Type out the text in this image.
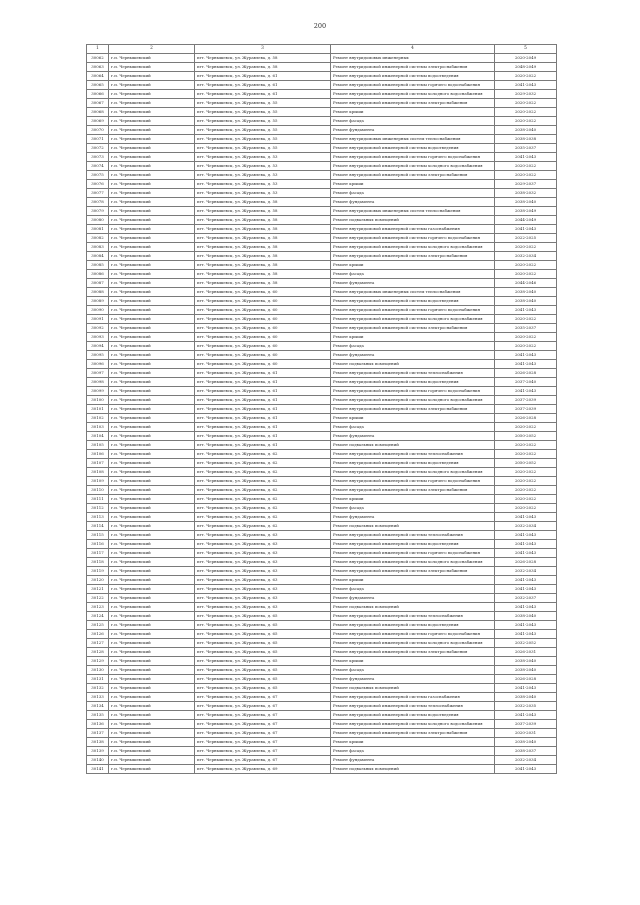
200
1	2	3	4	5
30062	г.п. Чернышевский	пгт. Чернышевск, ул. Журавлева, д. 58	Ремонт внутридомовых инженерных	2020-2049
30063	г.п. Чернышевский	пгт. Чернышевск, ул. Журавлева, д. 58	Ремонт внутридомовой инженерной системы электроснабжения	2048-2049
30064	г.п. Чернышевский	пгт. Чернышевск, ул. Журавлева, д. 61	Ремонт внутридомовой инженерной системы водоотведения	2020-2022
30065	г.п. Чернышевский	пгт. Чернышевск, ул. Журавлева, д. 61	Ремонт внутридомовой инженерной системы горячего водоснабжения	2041-2043
30066	г.п. Чернышевский	пгт. Чернышевск, ул. Журавлева, д. 61	Ремонт внутридомовой инженерной системы холодного водоснабжения	2029-2032
30067	г.п. Чернышевский	пгт. Чернышевск, ул. Журавлева, д. 55	Ремонт внутридомовой инженерной системы электроснабжения	2020-2022
30068	г.п. Чернышевский	пгт. Чернышевск, ул. Журавлева, д. 55	Ремонт крыши	2020-2022
30069	г.п. Чернышевский	пгт. Чернышевск, ул. Журавлева, д. 55	Ремонт фасада	2020-2022
30070	г.п. Чернышевский	пгт. Чернышевск, ул. Журавлева, д. 55	Ремонт фундамента	2038-2040
30071	г.п. Чернышевский	пгт. Чернышевск, ул. Журавлева, д. 55	Ремонт внутридомовых инженерных систем теплоснабжения	2038-2038
30072	г.п. Чернышевский	пгт. Чернышевск, ул. Журавлева, д. 55	Ремонт внутридомовой инженерной системы водоотведения	2035-2037
30073	г.п. Чернышевский	пгт. Чернышевск, ул. Журавлева, д. 53	Ремонт внутридомовой инженерной системы горячего водоснабжения	2041-2043
30074	г.п. Чернышевский	пгт. Чернышевск, ул. Журавлева, д. 53	Ремонт внутридомовой инженерной системы холодного водоснабжения	2020-2022
30075	г.п. Чернышевский	пгт. Чернышевск, ул. Журавлева, д. 53	Ремонт внутридомовой инженерной системы электроснабжения	2020-2022
30076	г.п. Чернышевский	пгт. Чернышевск, ул. Журавлева, д. 53	Ремонт крыши	2029-2037
30077	г.п. Чернышевский	пгт. Чернышевск, ул. Журавлева, д. 53	Ремонт фасада	2038-2032
30078	г.п. Чернышевский	пгт. Чернышевск, ул. Журавлева, д. 58	Ремонт фундамента	2038-2040
30079	г.п. Чернышевский	пгт. Чернышевск, ул. Журавлева, д. 58	Ремонт внутридомовых инженерных систем теплоснабжения	2038-2049
30080	г.п. Чернышевский	пгт. Чернышевск, ул. Журавлева, д. 58	Ремонт подвальных помещений	2044-2049
30081	г.п. Чернышевский	пгт. Чернышевск, ул. Журавлева, д. 58	Ремонт внутридомовой инженерной системы газоснабжения	2041-2043
30082	г.п. Чернышевский	пгт. Чернышевск, ул. Журавлева, д. 58	Ремонт внутридомовой инженерной системы горячего водоснабжения	2022-2025
30083	г.п. Чернышевский	пгт. Чернышевск, ул. Журавлева, д. 58	Ремонт внутридомовой инженерной системы холодного водоснабжения	2020-2022
30084	г.п. Чернышевский	пгт. Чернышевск, ул. Журавлева, д. 58	Ремонт внутридомовой инженерной системы электроснабжения	2032-2034
30085	г.п. Чернышевский	пгт. Чернышевск, ул. Журавлева, д. 58	Ремонт крыши	2020-2022
30086	г.п. Чернышевский	пгт. Чернышевск, ул. Журавлева, д. 58	Ремонт фасада	2020-2022
30087	г.п. Чернышевский	пгт. Чернышевск, ул. Журавлева, д. 58	Ремонт фундамента	2044-2046
30088	г.п. Чернышевский	пгт. Чернышевск, ул. Журавлева, д. 60	Ремонт внутридомовых инженерных систем теплоснабжения	2038-2040
30089	г.п. Чернышевский	пгт. Чернышевск, ул. Журавлева, д. 60	Ремонт внутридомовой инженерной системы водоотведения	2038-2040
30090	г.п. Чернышевский	пгт. Чернышевск, ул. Журавлева, д. 60	Ремонт внутридомовой инженерной системы горячего водоснабжения	2041-2043
30091	г.п. Чернышевский	пгт. Чернышевск, ул. Журавлева, д. 60	Ремонт внутридомовой инженерной системы холодного водоснабжения	2020-2022
30092	г.п. Чернышевский	пгт. Чернышевск, ул. Журавлева, д. 60	Ремонт внутридомовой инженерной системы электроснабжения	2035-2037
30093	г.п. Чернышевский	пгт. Чернышевск, ул. Журавлева, д. 60	Ремонт крыши	2020-2022
30094	г.п. Чернышевский	пгт. Чернышевск, ул. Журавлева, д. 60	Ремонт фасада	2020-2022
30095	г.п. Чернышевский	пгт. Чернышевск, ул. Журавлева, д. 60	Ремонт фундамента	2041-2043
30096	г.п. Чернышевский	пгт. Чернышевск, ул. Журавлева, д. 60	Ремонт подвальных помещений	2041-2043
30097	г.п. Чернышевский	пгт. Чернышевск, ул. Журавлева, д. 61	Ремонт внутридомовой инженерной системы теплоснабжения	2026-2028
30098	г.п. Чернышевский	пгт. Чернышевск, ул. Журавлева, д. 61	Ремонт внутридомовой инженерной системы водоотведения	2037-2040
30099	г.п. Чернышевский	пгт. Чернышевск, ул. Журавлева, д. 61	Ремонт внутридомовой инженерной системы горячего водоснабжения	2041-2043
30100	г.п. Чернышевский	пгт. Чернышевск, ул. Журавлева, д. 61	Ремонт внутридомовой инженерной системы холодного водоснабжения	2037-2039
30101	г.п. Чернышевский	пгт. Чернышевск, ул. Журавлева, д. 61	Ремонт внутридомовой инженерной системы электроснабжения	2037-2039
30102	г.п. Чернышевский	пгт. Чернышевск, ул. Журавлева, д. 61	Ремонт крыши	2026-2028
30103	г.п. Чернышевский	пгт. Чернышевск, ул. Журавлева, д. 61	Ремонт фасада	2020-2022
30104	г.п. Чернышевский	пгт. Чернышевск, ул. Журавлева, д. 61	Ремонт фундамента	2050-2052
30105	г.п. Чернышевский	пгт. Чернышевск, ул. Журавлева, д. 61	Ремонт подвальных помещений	2020-2022
30106	г.п. Чернышевский	пгт. Чернышевск, ул. Журавлева, д. 62	Ремонт внутридомовой инженерной системы теплоснабжения	2020-2022
30107	г.п. Чернышевский	пгт. Чернышевск, ул. Журавлева, д. 62	Ремонт внутридомовой инженерной системы водоотведения	2050-2052
30108	г.п. Чернышевский	пгт. Чернышевск, ул. Журавлева, д. 62	Ремонт внутридомовой инженерной системы холодного водоснабжения	2020-2022
30109	г.п. Чернышевский	пгт. Чернышевск, ул. Журавлева, д. 62	Ремонт внутридомовой инженерной системы горячего водоснабжения	2020-2022
30110	г.п. Чернышевский	пгт. Чернышевск, ул. Журавлева, д. 62	Ремонт внутридомовой инженерной системы электроснабжения	2020-2022
30111	г.п. Чернышевский	пгт. Чернышевск, ул. Журавлева, д. 62	Ремонт крыши	2020-2022
30112	г.п. Чернышевский	пгт. Чернышевск, ул. Журавлева, д. 62	Ремонт фасада	2020-2022
30113	г.п. Чернышевский	пгт. Чернышевск, ул. Журавлева, д. 62	Ремонт фундамента	2041-2043
30114	г.п. Чернышевский	пгт. Чернышевск, ул. Журавлева, д. 62	Ремонт подвальных помещений	2032-2034
30115	г.п. Чернышевский	пгт. Чернышевск, ул. Журавлева, д. 63	Ремонт внутридомовой инженерной системы теплоснабжения	2041-2043
30116	г.п. Чернышевский	пгт. Чернышевск, ул. Журавлева, д. 63	Ремонт внутридомовой инженерной системы водоотведения	2041-2043
30117	г.п. Чернышевский	пгт. Чернышевск, ул. Журавлева, д. 63	Ремонт внутридомовой инженерной системы горячего водоснабжения	2041-2043
30118	г.п. Чернышевский	пгт. Чернышевск, ул. Журавлева, д. 63	Ремонт внутридомовой инженерной системы холодного водоснабжения	2026-2028
30119	г.п. Чернышевский	пгт. Чернышевск, ул. Журавлева, д. 63	Ремонт внутридомовой инженерной системы электроснабжения	2032-2034
30120	г.п. Чернышевский	пгт. Чернышевск, ул. Журавлева, д. 63	Ремонт крыши	2041-2043
30121	г.п. Чернышевский	пгт. Чернышевск, ул. Журавлева, д. 63	Ремонт фасада	2041-2043
30122	г.п. Чернышевский	пгт. Чернышевск, ул. Журавлева, д. 63	Ремонт фундамента	2032-2037
30123	г.п. Чернышевский	пгт. Чернышевск, ул. Журавлева, д. 63	Ремонт подвальных помещений	2041-2043
30124	г.п. Чернышевский	пгт. Чернышевск, ул. Журавлева, д. 65	Ремонт внутридомовой инженерной системы теплоснабжения	2038-2040
30125	г.п. Чернышевский	пгт. Чернышевск, ул. Журавлева, д. 65	Ремонт внутридомовой инженерной системы водоотведения	2041-2043
30126	г.п. Чернышевский	пгт. Чернышевск, ул. Журавлева, д. 65	Ремонт внутридомовой инженерной системы горячего водоснабжения	2041-2043
30127	г.п. Чернышевский	пгт. Чернышевск, ул. Журавлева, д. 65	Ремонт внутридомовой инженерной системы холодного водоснабжения	2032-2052
30128	г.п. Чернышевский	пгт. Чернышевск, ул. Журавлева, д. 65	Ремонт внутридомовой инженерной системы электроснабжения	2026-2031
30129	г.п. Чернышевский	пгт. Чернышевск, ул. Журавлева, д. 65	Ремонт крыши	2038-2040
30130	г.п. Чернышевский	пгт. Чернышевск, ул. Журавлева, д. 65	Ремонт фасада	2038-2040
30131	г.п. Чернышевский	пгт. Чернышевск, ул. Журавлева, д. 65	Ремонт фундамента	2026-2028
30132	г.п. Чернышевский	пгт. Чернышевск, ул. Журавлева, д. 65	Ремонт подвальных помещений	2041-2043
30133	г.п. Чернышевский	пгт. Чернышевск, ул. Журавлева, д. 67	Ремонт внутридомовой инженерной системы газоснабжения	2038-2040
30134	г.п. Чернышевский	пгт. Чернышевск, ул. Журавлева, д. 67	Ремонт внутридомовой инженерной системы теплоснабжения	2032-2035
30135	г.п. Чернышевский	пгт. Чернышевск, ул. Журавлева, д. 67	Ремонт внутридомовой инженерной системы водоотведения	2041-2043
30136	г.п. Чернышевский	пгт. Чернышевск, ул. Журавлева, д. 67	Ремонт внутридомовой инженерной системы холодного водоснабжения	2037-2039
30137	г.п. Чернышевский	пгт. Чернышевск, ул. Журавлева, д. 67	Ремонт внутридомовой инженерной системы электроснабжения	2020-2031
30138	г.п. Чернышевский	пгт. Чернышевск, ул. Журавлева, д. 67	Ремонт крыши	2038-2040
30139	г.п. Чернышевский	пгт. Чернышевск, ул. Журавлева, д. 67	Ремонт фасада	2038-2037
30140	г.п. Чернышевский	пгт. Чернышевск, ул. Журавлева, д. 67	Ремонт фундамента	2032-2034
30141	г.п. Чернышевский	пгт. Чернышевск, ул. Журавлева, д. 69	Ремонт подвальных помещений	2041-2043
